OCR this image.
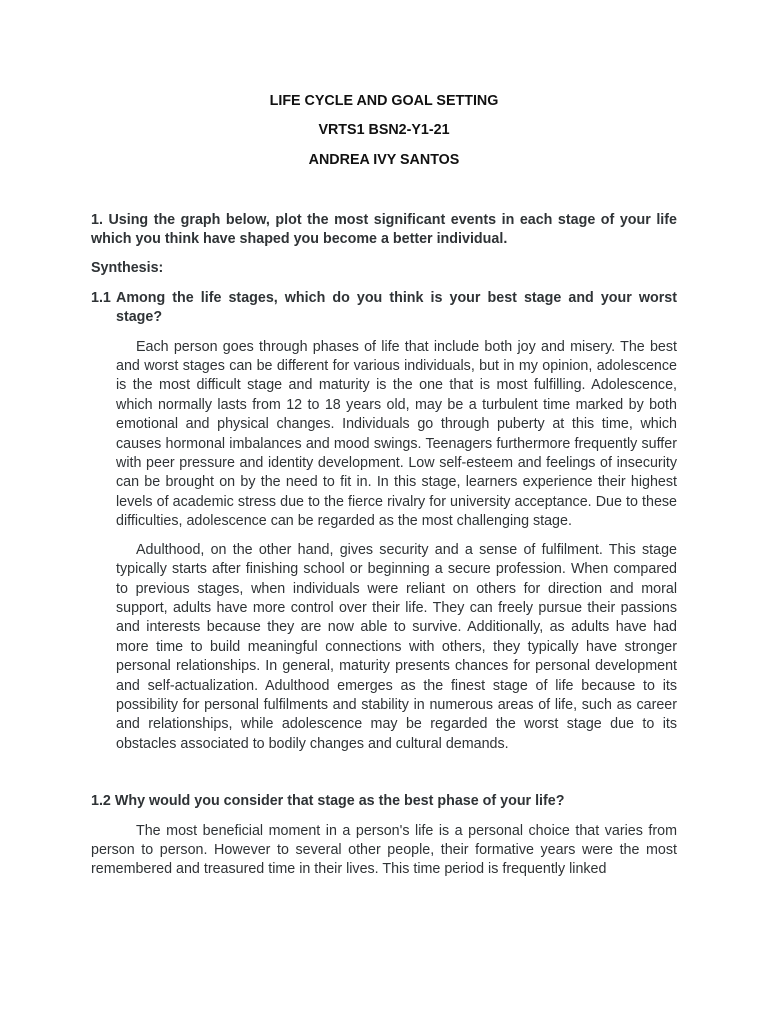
LIFE CYCLE AND GOAL SETTING

VRTS1 BSN2-Y1-21

ANDREA IVY SANTOS

1. Using the graph below, plot the most significant events in each stage of your life which you think have shaped you become a better individual.

Synthesis:

1.1 Among the life stages, which do you think is your best stage and your worst stage?

Each person goes through phases of life that include both joy and misery. The best and worst stages can be different for various individuals, but in my opinion, adolescence is the most difficult stage and maturity is the one that is most fulfilling. Adolescence, which normally lasts from 12 to 18 years old, may be a turbulent time marked by both emotional and physical changes. Individuals go through puberty at this time, which causes hormonal imbalances and mood swings. Teenagers furthermore frequently suffer with peer pressure and identity development. Low self-esteem and feelings of insecurity can be brought on by the need to fit in. In this stage, learners experience their highest levels of academic stress due to the fierce rivalry for university acceptance. Due to these difficulties, adolescence can be regarded as the most challenging stage.

Adulthood, on the other hand, gives security and a sense of fulfilment. This stage typically starts after finishing school or beginning a secure profession. When compared to previous stages, when individuals were reliant on others for direction and moral support, adults have more control over their life. They can freely pursue their passions and interests because they are now able to survive. Additionally, as adults have had more time to build meaningful connections with others, they typically have stronger personal relationships. In general, maturity presents chances for personal development and self-actualization. Adulthood emerges as the finest stage of life because to its possibility for personal fulfilments and stability in numerous areas of life, such as career and relationships, while adolescence may be regarded the worst stage due to its obstacles associated to bodily changes and cultural demands.

1.2 Why would you consider that stage as the best phase of your life?

The most beneficial moment in a person's life is a personal choice that varies from person to person. However to several other people, their formative years were the most remembered and treasured time in their lives. This time period is frequently linked
